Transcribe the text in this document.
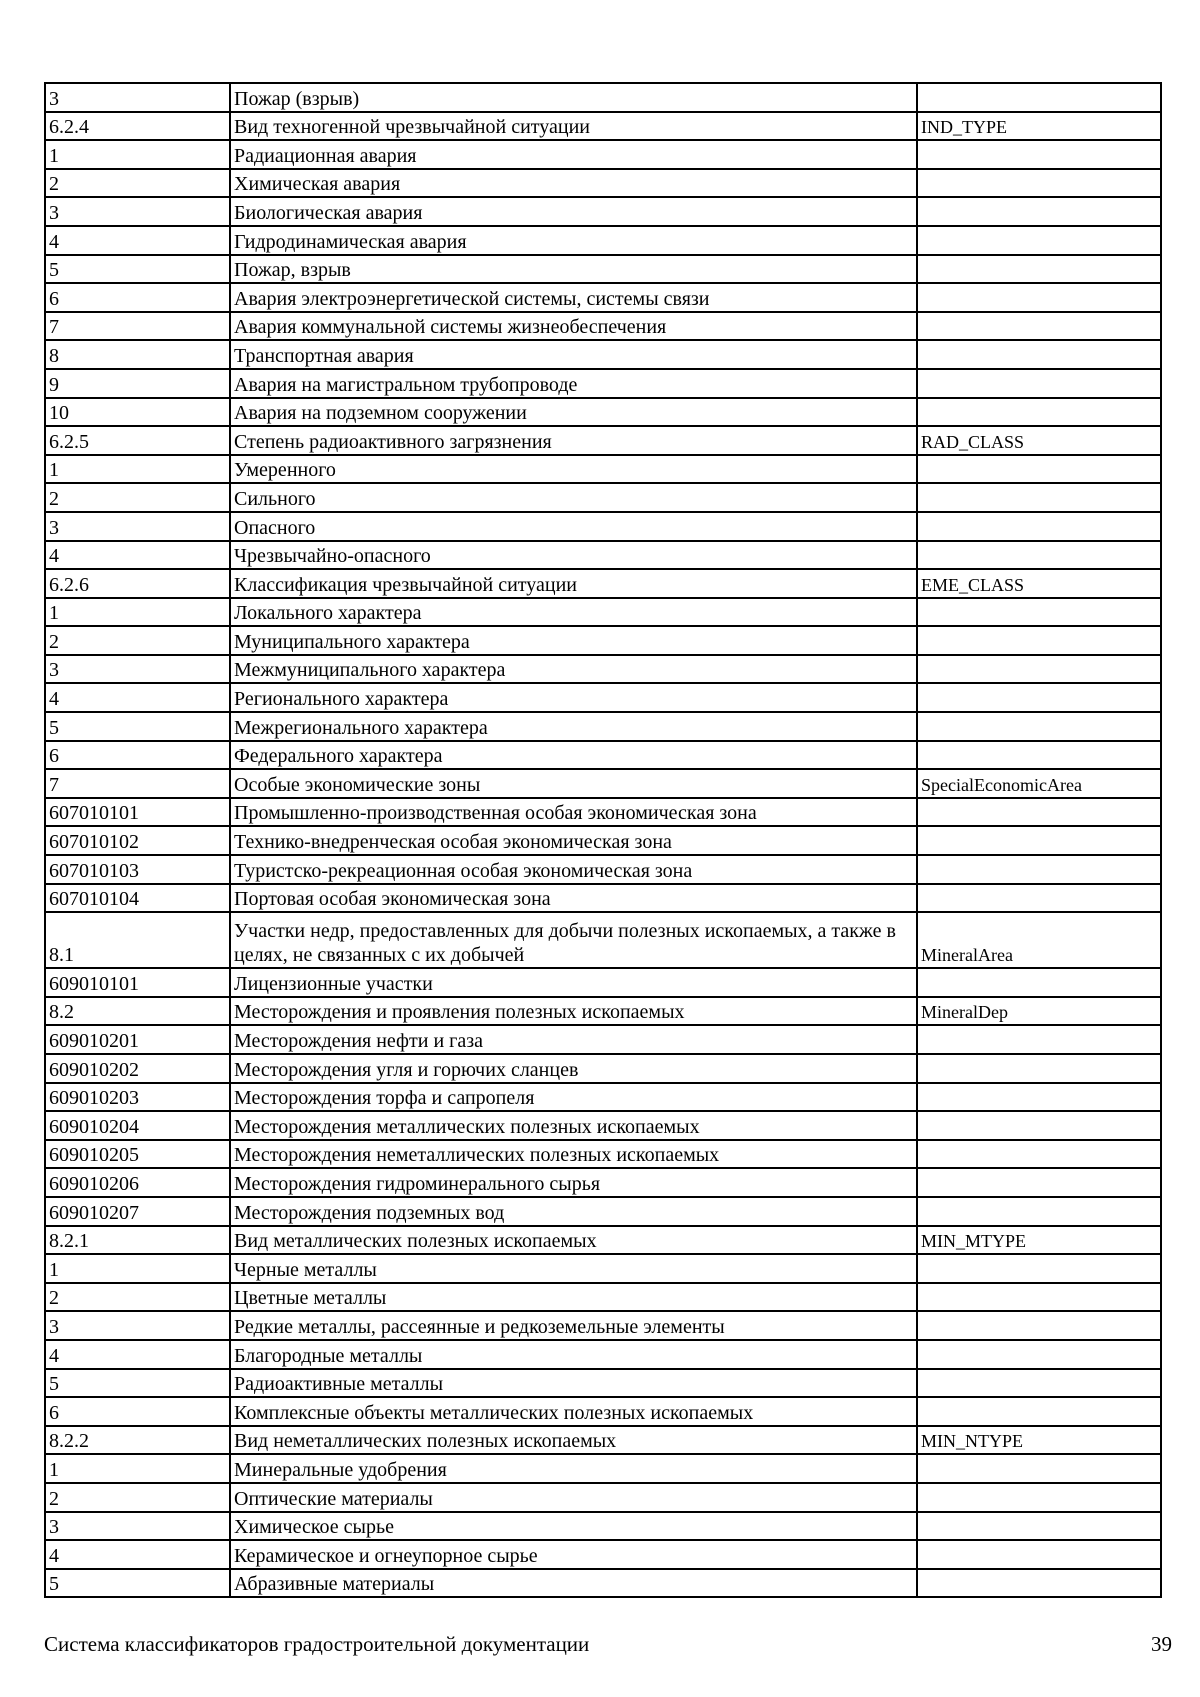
3	Пожар (взрыв)	
6.2.4	Вид техногенной чрезвычайной ситуации	IND_TYPE
1	Радиационная авария	
2	Химическая авария	
3	Биологическая авария	
4	Гидродинамическая авария	
5	Пожар, взрыв	
6	Авария электроэнергетической системы, системы связи	
7	Авария коммунальной системы жизнеобеспечения	
8	Транспортная авария	
9	Авария на магистральном трубопроводе	
10	Авария на подземном сооружении	
6.2.5	Степень радиоактивного загрязнения	RAD_CLASS
1	Умеренного	
2	Сильного	
3	Опасного	
4	Чрезвычайно-опасного	
6.2.6	Классификация чрезвычайной ситуации	EME_CLASS
1	Локального характера	
2	Муниципального характера	
3	Межмуниципального характера	
4	Регионального характера	
5	Межрегионального характера	
6	Федерального характера	
7	Особые экономические зоны	SpecialEconomicArea
607010101	Промышленно-производственная особая экономическая зона	
607010102	Технико-внедренческая особая экономическая зона	
607010103	Туристско-рекреационная особая экономическая зона	
607010104	Портовая особая экономическая зона	
8.1	Участки недр, предоставленных для добычи полезных ископаемых, а также в целях, не связанных с их добычей	MineralArea
609010101	Лицензионные участки	
8.2	Месторождения и проявления полезных ископаемых	MineralDep
609010201	Месторождения нефти и газа	
609010202	Месторождения угля и горючих сланцев	
609010203	Месторождения торфа и сапропеля	
609010204	Месторождения металлических полезных ископаемых	
609010205	Месторождения неметаллических полезных ископаемых	
609010206	Месторождения гидроминерального сырья	
609010207	Месторождения подземных вод	
8.2.1	Вид металлических полезных ископаемых	MIN_MTYPE
1	Черные металлы	
2	Цветные металлы	
3	Редкие металлы, рассеянные и редкоземельные элементы	
4	Благородные металлы	
5	Радиоактивные металлы	
6	Комплексные объекты металлических полезных ископаемых	
8.2.2	Вид неметаллических полезных ископаемых	MIN_NTYPE
1	Минеральные удобрения	
2	Оптические материалы	
3	Химическое сырье	
4	Керамическое и огнеупорное сырье	
5	Абразивные материалы	
Система классификаторов градостроительной документации	39
